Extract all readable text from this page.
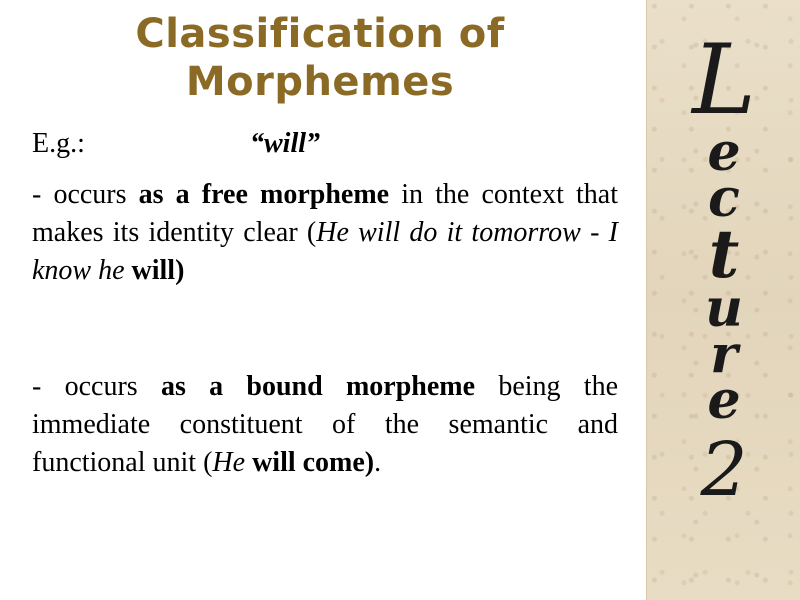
Classification of Morphemes
E.g.:	“will”

- occurs as a free morpheme in the context that makes its identity clear (He will do it tomorrow - I know he will)

- occurs as a bound morpheme being the immediate constituent of the semantic and functional unit (He will come).

L
e
c
t
u
r
e
2
